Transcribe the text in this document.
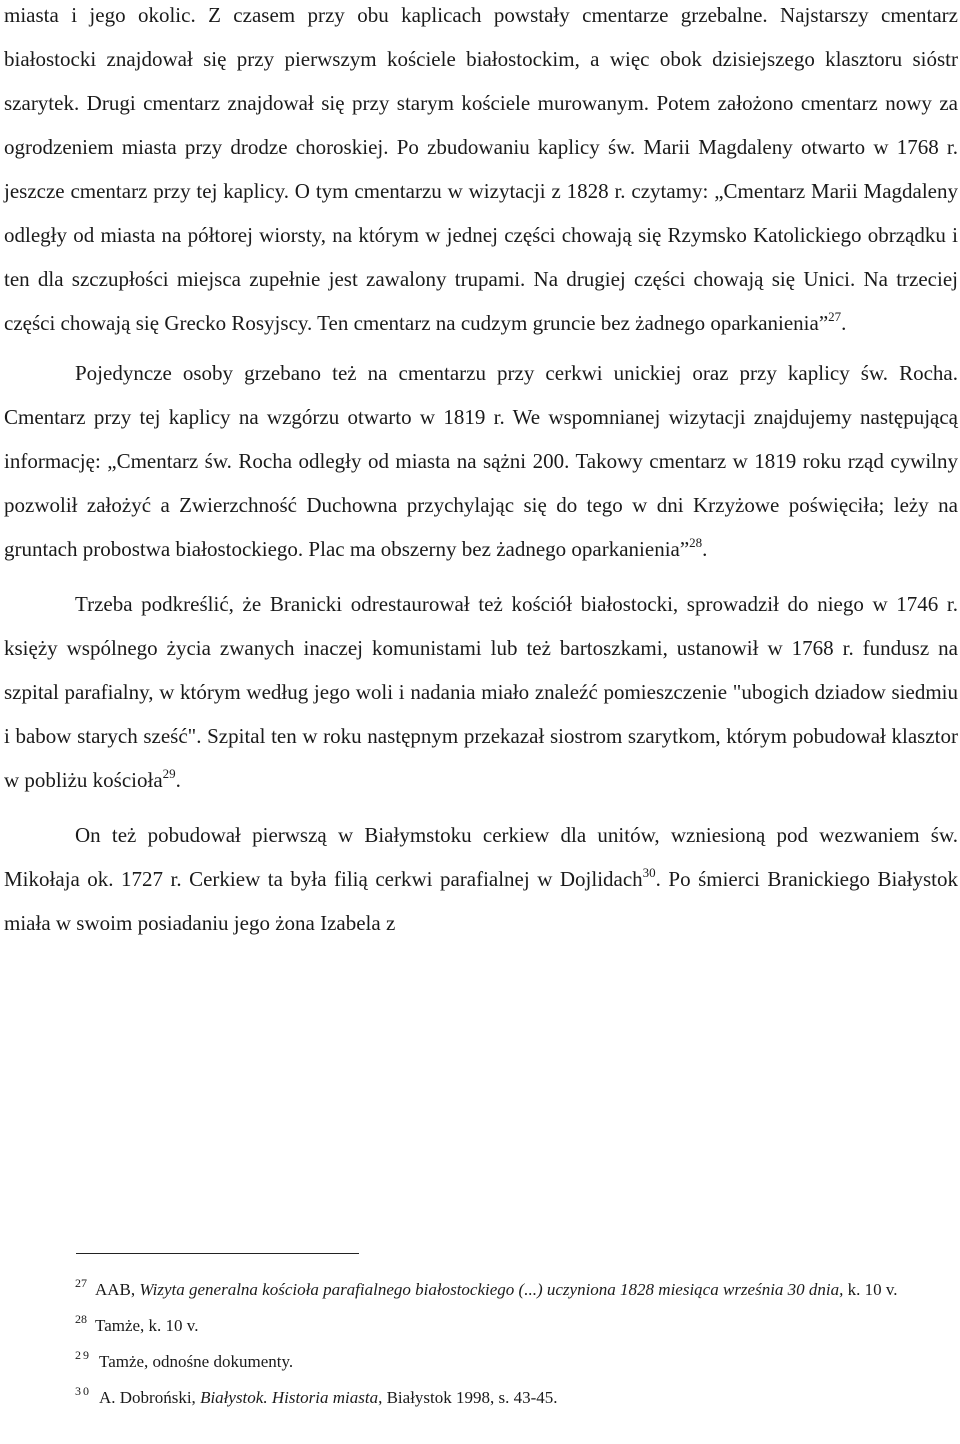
miasta i jego okolic. Z czasem przy obu kaplicach powstały cmentarze grzebalne. Najstarszy cmentarz białostocki znajdował się przy pierwszym kościele białostockim, a więc obok dzisiejszego klasztoru sióstr szarytek. Drugi cmentarz znajdował się przy starym kościele murowanym. Potem założono cmentarz nowy za ogrodzeniem miasta przy drodze choroskiej. Po zbudowaniu kaplicy św. Marii Magdaleny otwarto w 1768 r. jeszcze cmentarz przy tej kaplicy. O tym cmentarzu w wizytacji z 1828 r. czytamy: „Cmentarz Marii Magdaleny odległy od miasta na półtorej wiorsty, na którym w jednej części chowają się Rzymsko Katolickiego obrządku i ten dla szczupłości miejsca zupełnie jest zawalony trupami. Na drugiej części chowają się Unici. Na trzeciej części chowają się Grecko Rosyjscy. Ten cmentarz na cudzym gruncie bez żadnego oparkanienia”$^{27}$.

Pojedyncze osoby grzebano też na cmentarzu przy cerkwi unickiej oraz przy kaplicy św. Rocha. Cmentarz przy tej kaplicy na wzgórzu otwarto w 1819 r. We wspomnianej wizytacji znajdujemy następującą informację: „Cmentarz św. Rocha odległy od miasta na sążni 200. Takowy cmentarz w 1819 roku rząd cywilny pozwolił założyć a Zwierzchność Duchowna przychylając się do tego w dni Krzyżowe poświęciła; leży na gruntach probostwa białostockiego. Plac ma obszerny bez żadnego oparkanienia”$^{28}$.

Trzeba podkreślić, że Branicki odrestaurował też kościół białostocki, sprowadził do niego w 1746 r. księży wspólnego życia zwanych inaczej komunistami lub też bartoszkami, ustanowił w 1768 r. fundusz na szpital parafialny, w którym według jego woli i nadania miało znaleźć pomieszczenie "ubogich dziadow siedmiu i babow starych sześć". Szpital ten w roku następnym przekazał siostrom szarytkom, którym pobudował klasztor w pobliżu kościoła$^{29}$.

On też pobudował pierwszą w Białymstoku cerkiew dla unitów, wzniesioną pod wezwaniem św. Mikołaja ok. 1727 r. Cerkiew ta była filią cerkwi parafialnej w Dojlidach$^{30}$. Po śmierci Branickiego Białystok miała w swoim posiadaniu jego żona Izabela z

$^{27}$ AAB, Wizyta generalna kościoła parafialnego białostockiego (...) uczyniona 1828 miesiąca września 30 dnia, k. 10 v.

$^{28}$ Tamże, k. 10 v.

$^{29}$ Tamże, odnośne dokumenty.

$^{30}$ A. Dobroński, Białystok. Historia miasta, Białystok 1998, s. 43-45.
